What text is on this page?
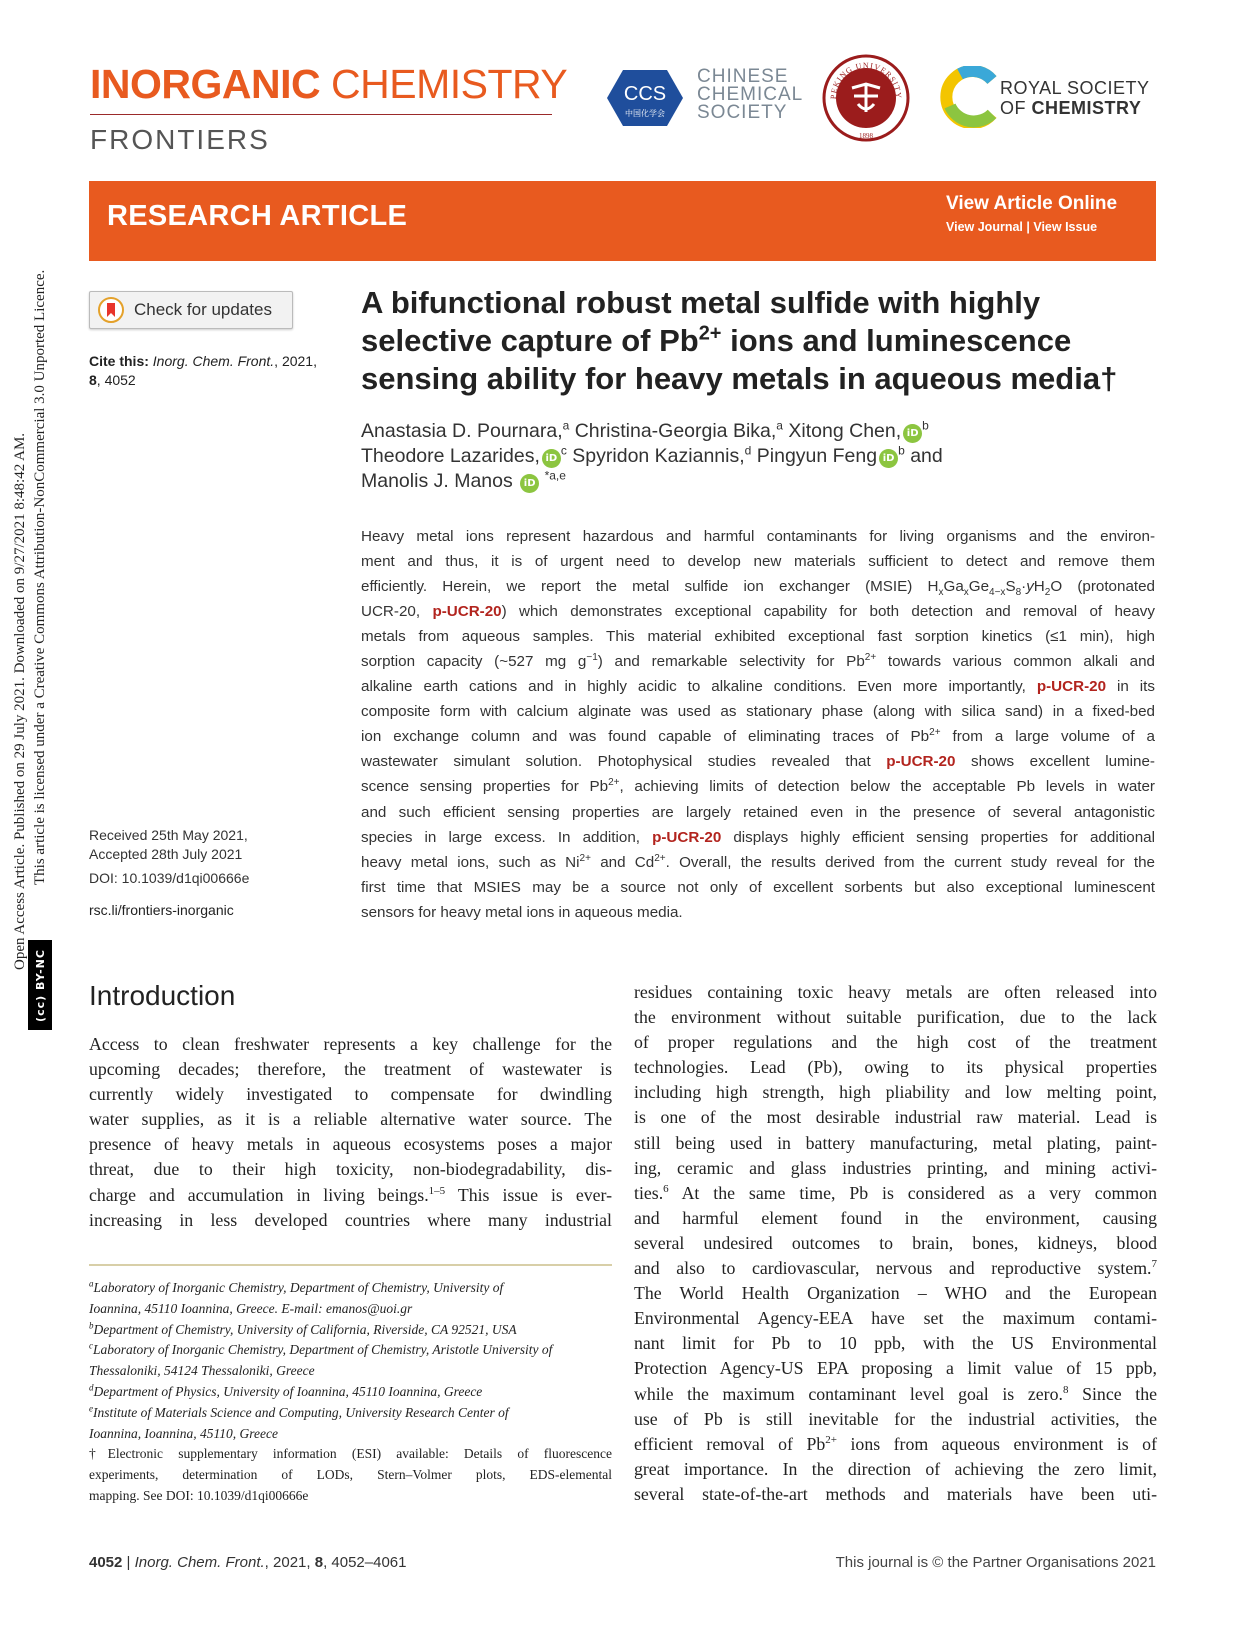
Open Access Article. Published on 29 July 2021. Downloaded on 9/27/2021 8:48:42 AM. This article is licensed under a Creative Commons Attribution-NonCommercial 3.0 Unported Licence.
(cc) BY-NC
INORGANIC CHEMISTRY
FRONTIERS
CCS
中国化学会
CHINESE
CHEMICAL
SOCIETY
PEKING UNIVERSITY
1898
ROYAL SOCIETY
OF CHEMISTRY
RESEARCH ARTICLE	View Article Online
View Journal | View Issue
Check for updates
Cite this: Inorg. Chem. Front., 2021,
8, 4052
Received 25th May 2021,
Accepted 28th July 2021
DOI: 10.1039/d1qi00666e
rsc.li/frontiers-inorganic
A bifunctional robust metal sulfide with highly
selective capture of $Pb^{2+}$ ions and luminescence
sensing ability for heavy metals in aqueous media†
Anastasia D. Pournara,$^a$ Christina-Georgia Bika,$^a$ Xitong Chen, $iD^b$
Theodore Lazarides, $iD^c$ Spyridon Kaziannis,$^d$ Pingyun Feng $iD^b$ and
Manolis J. Manos iD $^{*a,e}$
Heavy metal ions represent hazardous and harmful contaminants for living organisms and the environ-
ment and thus, it is of urgent need to develop new materials sufficient to detect and remove them
efficiently. Herein, we report the metal sulfide ion exchanger (MSIE) $H_xGa_xGe_{4-x}S_8\cdot yH_2O$ (protonated
UCR-20, p-UCR-20) which demonstrates exceptional capability for both detection and removal of heavy
metals from aqueous samples. This material exhibited exceptional fast sorption kinetics (≤1 min), high
sorption capacity (~527 mg $g^{-1}$) and remarkable selectivity for $Pb^{2+}$ towards various common alkali and
alkaline earth cations and in highly acidic to alkaline conditions. Even more importantly, p-UCR-20 in its
composite form with calcium alginate was used as stationary phase (along with silica sand) in a fixed-bed
ion exchange column and was found capable of eliminating traces of $Pb^{2+}$ from a large volume of a
wastewater simulant solution. Photophysical studies revealed that p-UCR-20 shows excellent lumine-
scence sensing properties for $Pb^{2+}$, achieving limits of detection below the acceptable Pb levels in water
and such efficient sensing properties are largely retained even in the presence of several antagonistic
species in large excess. In addition, p-UCR-20 displays highly efficient sensing properties for additional
heavy metal ions, such as $Ni^{2+}$ and $Cd^{2+}$. Overall, the results derived from the current study reveal for the
first time that MSIES may be a source not only of excellent sorbents but also exceptional luminescent
sensors for heavy metal ions in aqueous media.
Introduction
Access to clean freshwater represents a key challenge for the
upcoming decades; therefore, the treatment of wastewater is
currently widely investigated to compensate for dwindling
water supplies, as it is a reliable alternative water source. The
presence of heavy metals in aqueous ecosystems poses a major
threat, due to their high toxicity, non-biodegradability, dis-
charge and accumulation in living beings.$^{1-5}$ This issue is ever-
increasing in less developed countries where many industrial
residues containing toxic heavy metals are often released into
the environment without suitable purification, due to the lack
of proper regulations and the high cost of the treatment
technologies. Lead (Pb), owing to its physical properties
including high strength, high pliability and low melting point,
is one of the most desirable industrial raw material. Lead is
still being used in battery manufacturing, metal plating, paint-
ing, ceramic and glass industries printing, and mining activi-
ties.$^6$ At the same time, Pb is considered as a very common
and harmful element found in the environment, causing
several undesired outcomes to brain, bones, kidneys, blood
and also to cardiovascular, nervous and reproductive system.$^7$
The World Health Organization – WHO and the European
Environmental Agency-EEA have set the maximum contami-
nant limit for Pb to 10 ppb, with the US Environmental
Protection Agency-US EPA proposing a limit value of 15 ppb,
while the maximum contaminant level goal is zero.$^8$ Since the
use of Pb is still inevitable for the industrial activities, the
efficient removal of $Pb^{2+}$ ions from aqueous environment is of
great importance. In the direction of achieving the zero limit,
several state-of-the-art methods and materials have been uti-
$^a$Laboratory of Inorganic Chemistry, Department of Chemistry, University of
Ioannina, 45110 Ioannina, Greece. E-mail: emanos@uoi.gr
$^b$Department of Chemistry, University of California, Riverside, CA 92521, USA
$^c$Laboratory of Inorganic Chemistry, Department of Chemistry, Aristotle University of
Thessaloniki, 54124 Thessaloniki, Greece
$^d$Department of Physics, University of Ioannina, 45110 Ioannina, Greece
$^e$Institute of Materials Science and Computing, University Research Center of
Ioannina, Ioannina, 45110, Greece
†Electronic supplementary information (ESI) available: Details of fluorescence
experiments, determination of LODs, Stern–Volmer plots, EDS-elemental
mapping. See DOI: 10.1039/d1qi00666e
4052 | Inorg. Chem. Front., 2021, 8, 4052–4061	This journal is © the Partner Organisations 2021
